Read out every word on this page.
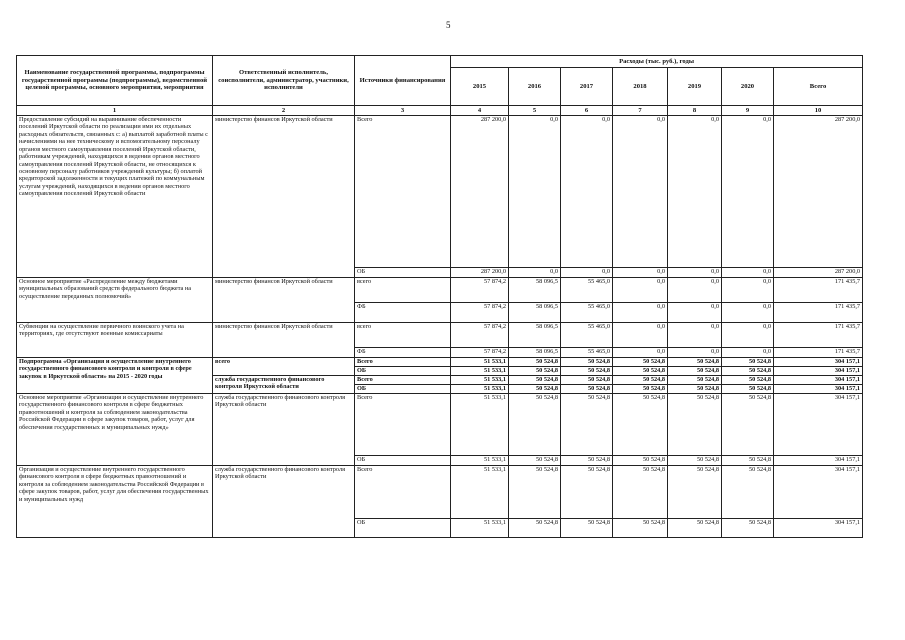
5
Наименование государственной программы, подпрограммы государственной программы (подпрограммы), ведомственной целевой программы, основного мероприятия, мероприятия	Ответственный исполнитель, соисполнители, администратор, участники, исполнители	Источники финансирования	Расходы (тыс. руб.), годы						
			2015	2016	2017	2018	2019	2020	Всего
1	2	3	4	5	6	7	8	9	10
Предоставление субсидий на выравнивание обеспеченности поселений Иркутской области по реализации ими их отдельных расходных обязательств, связанных с: а) выплатой заработной платы с начислениями на нее техническому и вспомогательному персоналу органов местного самоуправления поселений Иркутской области, работникам учреждений, находящихся в ведении органов местного самоуправления поселений Иркутской области, не относящихся к основному персоналу работников учреждений культуры; б) оплатой кредиторской задолженности и текущих платежей по коммунальным услугам учреждений, находящихся в ведении органов местного самоуправления поселений Иркутской области	министерство финансов Иркутской области	Всего	287 200,0	0,0	0,0	0,0	0,0	0,0	287 200,0
		ОБ	287 200,0	0,0	0,0	0,0	0,0	0,0	287 200,0
Основное мероприятие «Распределение между бюджетами муниципальных образований средств федерального бюджета на осуществление переданных полномочий»	министерство финансов Иркутской области	всего	57 874,2	58 096,5	55 465,0	0,0	0,0	0,0	171 435,7
		ФБ	57 874,2	58 096,5	55 465,0	0,0	0,0	0,0	171 435,7
Субвенции на осуществление первичного воинского учета на территориях, где отсутствуют военные комиссариаты	министерство финансов Иркутской области	всего	57 874,2	58 096,5	55 465,0	0,0	0,0	0,0	171 435,7
		ФБ	57 874,2	58 096,5	55 465,0	0,0	0,0	0,0	171 435,7
Подпрограмма «Организация и осуществление внутреннего государственного финансового контроля и контроля в сфере закупок в Иркутской области» на 2015 - 2020 годы	всего	Всего	51 533,1	50 524,8	50 524,8	50 524,8	50 524,8	50 524,8	304 157,1
		ОБ	51 533,1	50 524,8	50 524,8	50 524,8	50 524,8	50 524,8	304 157,1
	служба государственного финансового контроля Иркутской области	Всего	51 533,1	50 524,8	50 524,8	50 524,8	50 524,8	50 524,8	304 157,1
		ОБ	51 533,1	50 524,8	50 524,8	50 524,8	50 524,8	50 524,8	304 157,1
Основное мероприятие «Организация и осуществление внутреннего государственного финансового контроля в сфере бюджетных правоотношений и контроля за соблюдением законодательства Российской Федерации в сфере закупок товаров, работ, услуг для обеспечения государственных и муниципальных нужд»	служба государственного финансового контроля Иркутской области	Всего	51 533,1	50 524,8	50 524,8	50 524,8	50 524,8	50 524,8	304 157,1
		ОБ	51 533,1	50 524,8	50 524,8	50 524,8	50 524,8	50 524,8	304 157,1
Организация и осуществление внутреннего государственного финансового контроля в сфере бюджетных правоотношений и контроля за соблюдением законодательства Российской Федерации в сфере закупок товаров, работ, услуг для обеспечения государственных и муниципальных нужд	служба государственного финансового контроля Иркутской области	Всего	51 533,1	50 524,8	50 524,8	50 524,8	50 524,8	50 524,8	304 157,1
		ОБ	51 533,1	50 524,8	50 524,8	50 524,8	50 524,8	50 524,8	304 157,1
